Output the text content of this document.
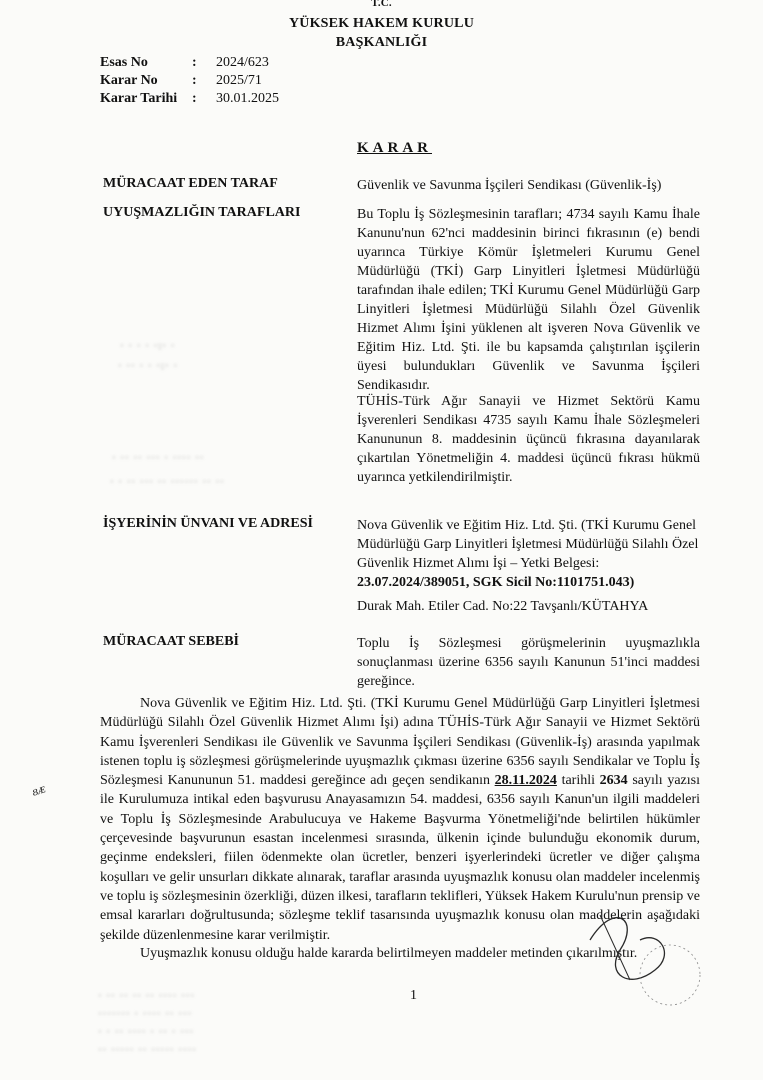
T.C.
YÜKSEK HAKEM KURULU
BAŞKANLIĞI
Esas No	: 2024/623
Karar No : 2025/71
Karar Tarihi : 30.01.2025
KARAR
MÜRACAAT EDEN TARAF	Güvenlik ve Savunma İşçileri Sendikası (Güvenlik-İş)
UYUŞMAZLIĞIN TARAFLARI	Bu Toplu İş Sözleşmesinin tarafları; 4734 sayılı Kamu İhale Kanunu'nun 62'nci maddesinin birinci fıkrasının (e) bendi uyarınca Türkiye Kömür İşletmeleri Kurumu Genel Müdürlüğü (TKİ) Garp Linyitleri İşletmesi Müdürlüğü tarafından ihale edilen; TKİ Kurumu Genel Müdürlüğü Garp Linyitleri İşletmesi Müdürlüğü Silahlı Özel Güvenlik Hizmet Alımı İşini yüklenen alt işveren Nova Güvenlik ve Eğitim Hiz. Ltd. Şti. ile bu kapsamda çalıştırılan işçilerin üyesi bulundukları Güvenlik ve Savunma İşçileri Sendikasıdır.
TÜHİS-Türk Ağır Sanayii ve Hizmet Sektörü Kamu İşverenleri Sendikası 4735 sayılı Kamu İhale Sözleşmeleri Kanununun 8. maddesinin üçüncü fıkrasına dayanılarak çıkartılan Yönetmeliğin 4. maddesi üçüncü fıkrası hükmü uyarınca yetkilendirilmiştir.
· · · · ·:· ·
· ·· · · ·:· ·
· ·· ·· ··· · ···· ··
· · ·· ··· ·· ······ ·· ··
İŞYERİNİN ÜNVANI VE ADRESİ	Nova Güvenlik ve Eğitim Hiz. Ltd. Şti. (TKİ Kurumu Genel Müdürlüğü Garp Linyitleri İşletmesi Müdürlüğü Silahlı Özel Güvenlik Hizmet Alımı İşi – Yetki Belgesi: 23.07.2024/389051, SGK Sicil No:1101751.043)
Durak Mah. Etiler Cad. No:22 Tavşanlı/KÜTAHYA
MÜRACAAT SEBEBİ	Toplu İş Sözleşmesi görüşmelerinin uyuşmazlıkla sonuçlanması üzerine 6356 sayılı Kanunun 51'inci maddesi gereğince.
Nova Güvenlik ve Eğitim Hiz. Ltd. Şti. (TKİ Kurumu Genel Müdürlüğü Garp Linyitleri İşletmesi Müdürlüğü Silahlı Özel Güvenlik Hizmet Alımı İşi) adına TÜHİS-Türk Ağır Sanayii ve Hizmet Sektörü Kamu İşverenleri Sendikası ile Güvenlik ve Savunma İşçileri Sendikası (Güvenlik-İş) arasında yapılmak istenen toplu iş sözleşmesi görüşmelerinde uyuşmazlık çıkması üzerine 6356 sayılı Sendikalar ve Toplu İş Sözleşmesi Kanununun 51. maddesi gereğince adı geçen sendikanın 28.11.2024 tarihli 2634 sayılı yazısı ile Kurulumuza intikal eden başvurusu Anayasamızın 54. maddesi, 6356 sayılı Kanun'un ilgili maddeleri ve Toplu İş Sözleşmesinde Arabulucuya ve Hakeme Başvurma Yönetmeliği'nde belirtilen hükümler çerçevesinde başvurunun esastan incelenmesi sırasında, ülkenin içinde bulunduğu ekonomik durum, geçinme endeksleri, fiilen ödenmekte olan ücretler, benzeri işyerlerindeki ücretler ve diğer çalışma koşulları ve gelir unsurları dikkate alınarak, taraflar arasında uyuşmazlık konusu olan maddeler incelenmiş ve toplu iş sözleşmesinin özerkliği, düzen ilkesi, tarafların teklifleri, Yüksek Hakem Kurulu'nun prensip ve emsal kararları doğrultusunda; sözleşme teklif tasarısında uyuşmazlık konusu olan maddelerin aşağıdaki şekilde düzenlenmesine karar verilmiştir.
Uyuşmazlık konusu olduğu halde kararda belirtilmeyen maddeler metinden çıkarılmıştır.
ᴕᴁ
1
· ·· ·· ·· ·· ···· ···
······· · ···· ·· ···
· · ·· ···· · ·· · ···
·· ····· ·· ····· ····
